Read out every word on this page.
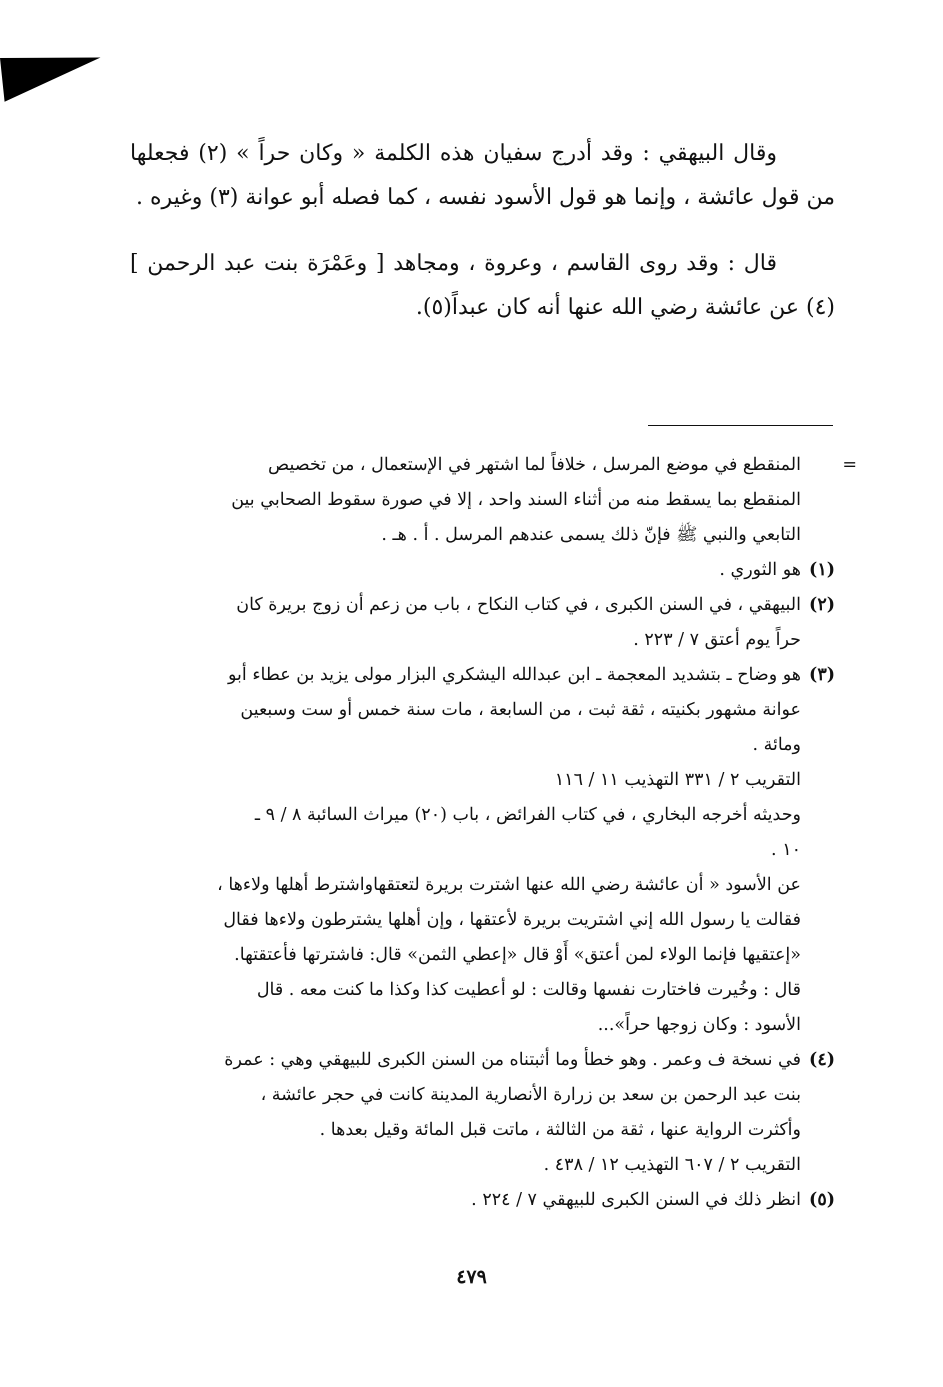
وقال البيهقي : وقد أدرج سفيان هذه الكلمة « وكان حراً » (٢) فجعلها من قول عائشة ، وإنما هو قول الأسود نفسه ، كما فصله أبو عوانة (٣) وغيره .

قال : وقد روى القاسم ، وعروة ، ومجاهد [ وعَمْرَة بنت عبد الرحمن ](٤) عن عائشة رضي الله عنها أنه كان عبداً(٥).

=
المنقطع في موضع المرسل ، خلافاً لما اشتهر في الإستعمال ، من تخصيص
المنقطع بما يسقط منه من أثناء السند واحد ، إلا في صورة سقوط الصحابي بين
التابعي والنبي ﷺ فإنّ ذلك يسمى عندهم المرسل . أ . هـ .
(١)
هو الثوري .
(٢)
البيهقي ، في السنن الكبرى ، في كتاب النكاح ، باب من زعم أن زوج بريرة كان
حراً يوم أعتق ٧ / ٢٢٣ .
(٣)
هو وضاح ـ بتشديد المعجمة ـ ابن عبدالله اليشكري البزار مولى يزيد بن عطاء أبو
عوانة مشهور بكنيته ، ثقة ثبت ، من السابعة ، مات سنة خمس أو ست وسبعين
ومائة .
التقريب ٢ / ٣٣١ التهذيب ١١ / ١١٦
وحديثه أخرجه البخاري ، في كتاب الفرائض ، باب (٢٠) ميراث السائبة ٨ / ٩ ـ
١٠ .
عن الأسود « أن عائشة رضي الله عنها اشترت بريرة لتعتقهاواشترط أهلها ولاءها ،
فقالت يا رسول الله إني اشتريت بريرة لأعتقها ، وإن أهلها يشترطون ولاءها فقال
«إعتقيها فإنما الولاء لمن أعتق» أَوْ قال «إعطي الثمن» قال: فاشترتها فأعتقتها.
قال : وخُيرت فاختارت نفسها وقالت : لو أعطيت كذا وكذا ما كنت معه . قال
الأسود : وكان زوجها حراً»...
(٤)
في نسخة ف وعمر . وهو خطأ وما أثبتناه من السنن الكبرى للبيهقي وهي : عمرة
بنت عبد الرحمن بن سعد بن زرارة الأنصارية المدينة كانت في حجر عائشة ،
وأكثرت الرواية عنها ، ثقة من الثالثة ، ماتت قبل المائة وقيل بعدها .
التقريب ٢ / ٦٠٧ التهذيب ١٢ / ٤٣٨ .
(٥)
انظر ذلك في السنن الكبرى للبيهقي ٧ / ٢٢٤ .
٤٧٩
